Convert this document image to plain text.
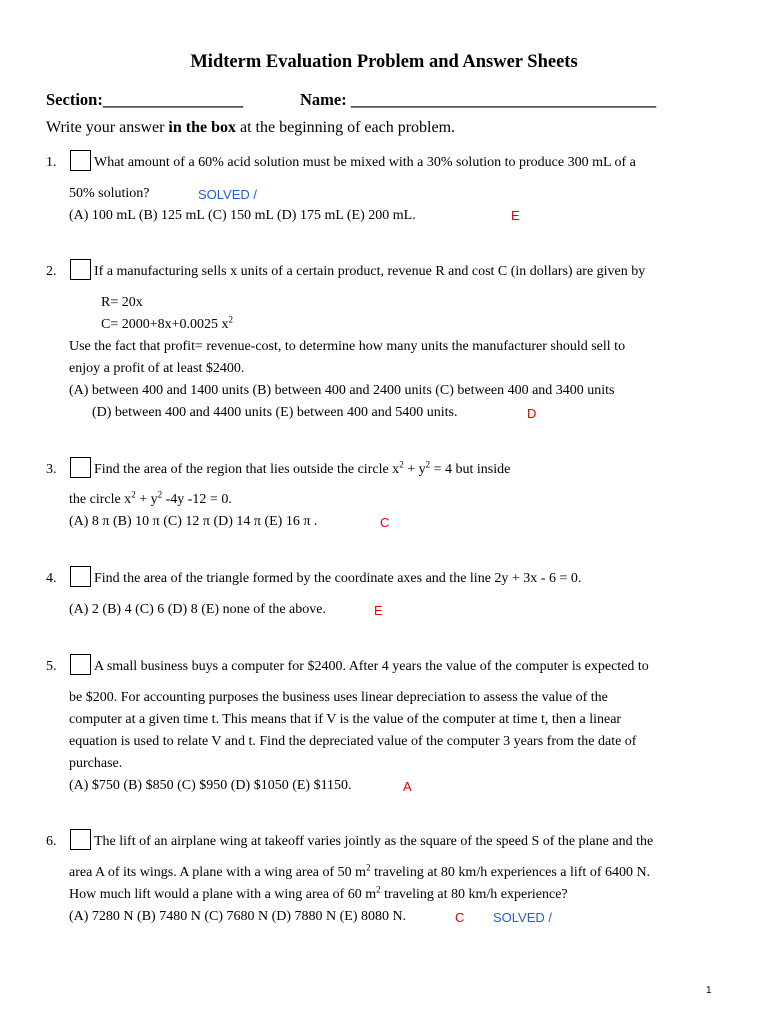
Midterm Evaluation Problem and Answer Sheets
Section:_________________	Name: _____________________________________
Write your answer in the box at the beginning of each problem.
1.	What amount of a 60% acid solution must be mixed with a 30% solution to produce 300 mL of a
50% solution?	SOLVED /
(A) 100 mL (B) 125 mL (C) 150 mL (D) 175 mL (E) 200 mL.	E
2.	If a manufacturing sells x units of a certain product, revenue R and cost C (in dollars) are given by
R= 20x
C= 2000+8x+0.0025 $x^2$
Use the fact that profit= revenue-cost, to determine how many units the manufacturer should sell to
enjoy a profit of at least $2400.
(A) between 400 and 1400 units (B) between 400 and 2400 units (C) between 400 and 3400 units
(D) between 400 and 4400 units (E) between 400 and 5400 units.	D
3.	Find the area of the region that lies outside the circle $x^2 + y^2 = 4$ but inside
the circle $x^2 + y^2$ -4y -12 = 0.
(A) 8 π (B) 10 π (C) 12 π (D) 14 π (E) 16 π .	C
4.	Find the area of the triangle formed by the coordinate axes and the line 2y + 3x - 6 = 0.
(A) 2 (B) 4 (C) 6 (D) 8 (E) none of the above.	E
5.	A small business buys a computer for $2400. After 4 years the value of the computer is expected to
be $200. For accounting purposes the business uses linear depreciation to assess the value of the
computer at a given time t. This means that if V is the value of the computer at time t, then a linear
equation is used to relate V and t. Find the depreciated value of the computer 3 years from the date of
purchase.
(A) $750 (B) $850 (C) $950 (D) $1050 (E) $1150.	A
6.	The lift of an airplane wing at takeoff varies jointly as the square of the speed S of the plane and the
area A of its wings. A plane with a wing area of 50 $m^2$ traveling at 80 km/h experiences a lift of 6400 N.
How much lift would a plane with a wing area of 60 $m^2$ traveling at 80 km/h experience?
(A) 7280 N (B) 7480 N (C) 7680 N (D) 7880 N (E) 8080 N.	C SOLVED /
1
